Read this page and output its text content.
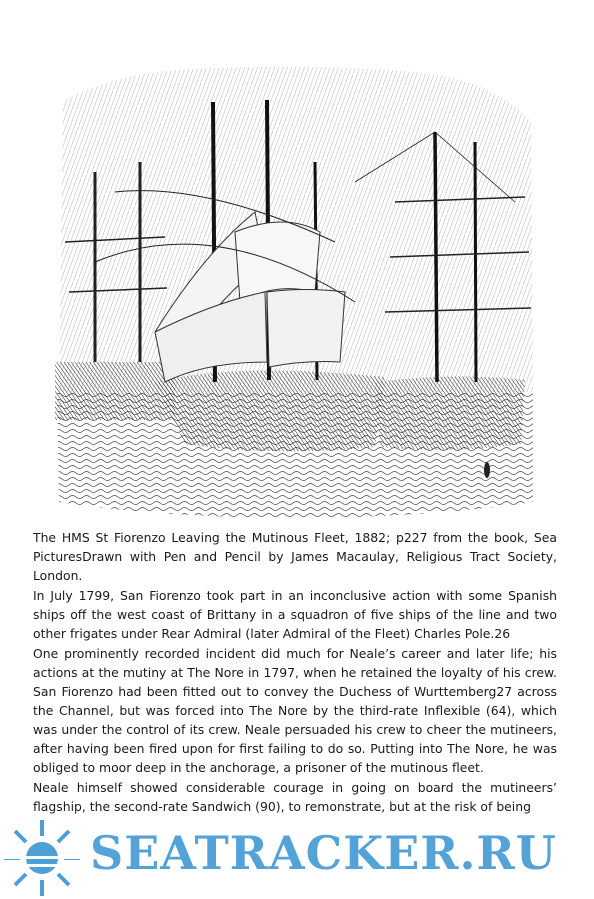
The HMS St Fiorenzo Leaving the Mutinous Fleet, 1882; p227 from the book, Sea PicturesDrawn with Pen and Pencil by James Macaulay, Religious Tract Society, London.

In July 1799, San Fiorenzo took part in an inconclusive action with some Spanish ships off the west coast of Brittany in a squadron of five ships of the line and two other frigates under Rear Admiral (later Admiral of the Fleet) Charles Pole.26

One prominently recorded incident did much for Neale’s career and later life; his actions at the mutiny at The Nore in 1797, when he retained the loyalty of his crew. San Fiorenzo had been fitted out to convey the Duchess of Wurttemberg27 across the Channel, but was forced into The Nore by the third-rate Inflexible (64), which was under the control of its crew. Neale persuaded his crew to cheer the mutineers, after having been fired upon for first failing to do so. Putting into The Nore, he was obliged to moor deep in the anchorage, a prisoner of the mutinous fleet.

Neale himself showed considerable courage in going on board the mutineers’ flagship, the second-rate Sandwich (90), to remonstrate, but at the risk of being

SEATRACKER.RU
